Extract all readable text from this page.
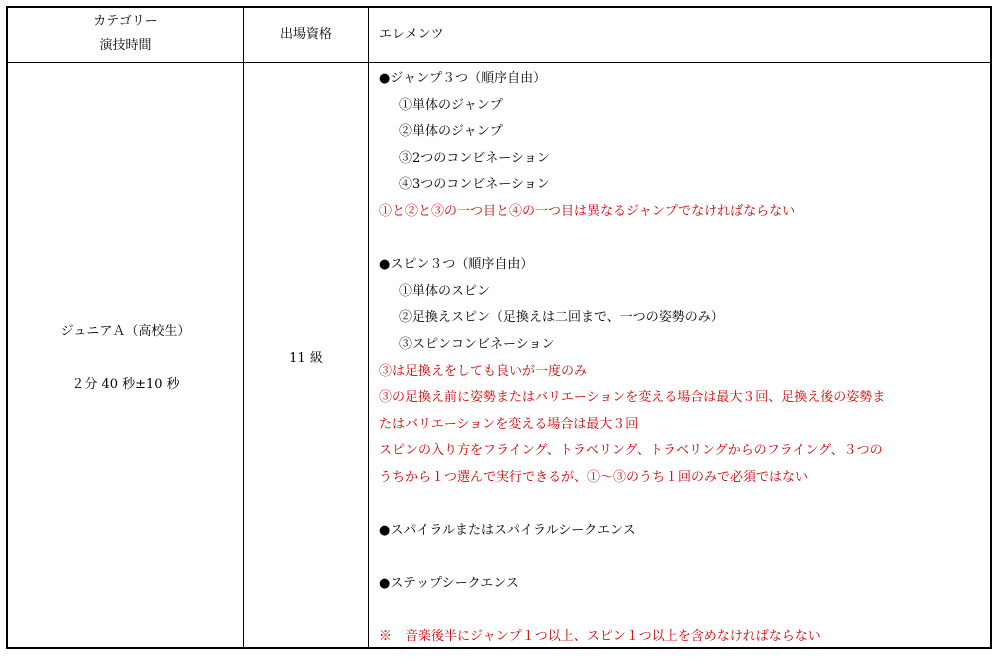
カテゴリー
演技時間
出場資格	エレメンツ
ジュニアＡ（高校生）
２分 40 秒±10 秒
11 級
●ジャンプ３つ（順序自由）
①単体のジャンプ
②単体のジャンプ
③2つのコンビネーション
④3つのコンビネーション
①と②と③の一つ目と④の一つ目は異なるジャンプでなければならない
●スピン３つ（順序自由）
①単体のスピン
②足換えスピン（足換えは二回まで、一つの姿勢のみ）
③スピンコンビネーション
③は足換えをしても良いが一度のみ
③の足換え前に姿勢またはバリエーションを変える場合は最大３回、足換え後の姿勢ま
たはバリエーションを変える場合は最大３回
スピンの入り方をフライング、トラベリング、トラベリングからのフライング、３つの
うちから１つ選んで実行できるが、①～③のうち１回のみで必須ではない
●スパイラルまたはスパイラルシークエンス
●ステップシークエンス
※　音楽後半にジャンプ１つ以上、スピン１つ以上を含めなければならない
